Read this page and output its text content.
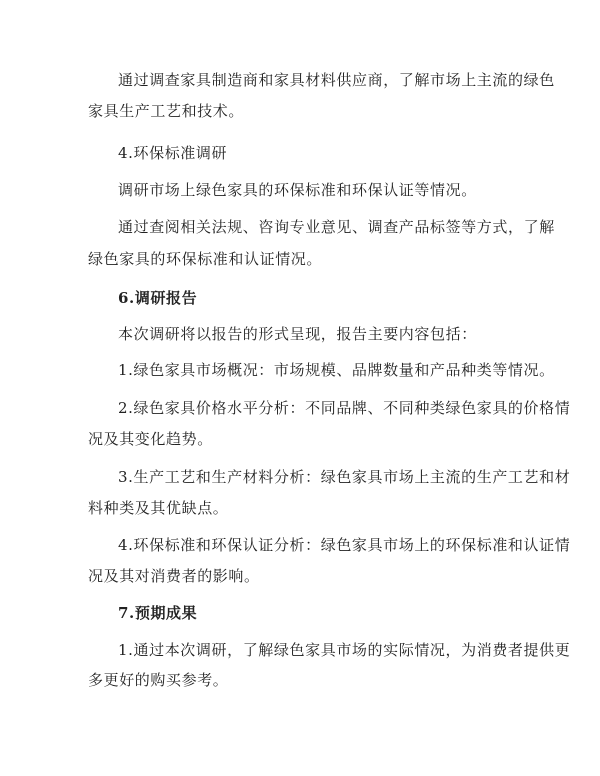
通过调查家具制造商和家具材料供应商，了解市场上主流的绿色
家具生产工艺和技术。
4.环保标准调研
调研市场上绿色家具的环保标准和环保认证等情况。
通过查阅相关法规、咨询专业意见、调查产品标签等方式，了解
绿色家具的环保标准和认证情况。
6.调研报告
本次调研将以报告的形式呈现，报告主要内容包括：
1.绿色家具市场概况：市场规模、品牌数量和产品种类等情况。
2.绿色家具价格水平分析：不同品牌、不同种类绿色家具的价格情
况及其变化趋势。
3.生产工艺和生产材料分析：绿色家具市场上主流的生产工艺和材
料种类及其优缺点。
4.环保标准和环保认证分析：绿色家具市场上的环保标准和认证情
况及其对消费者的影响。
7.预期成果
1.通过本次调研，了解绿色家具市场的实际情况，为消费者提供更
多更好的购买参考。
